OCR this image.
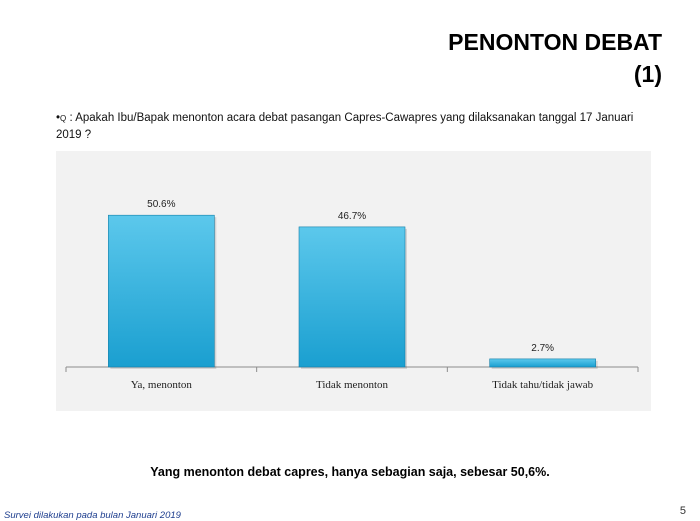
PENONTON DEBAT
(1)
•Q : Apakah Ibu/Bapak menonton acara debat pasangan Capres-Cawapres yang dilaksanakan tanggal 17 Januari 2019 ?
50.6%
Ya, menonton
46.7%
Tidak menonton
2.7%
Tidak tahu/tidak jawab
Yang menonton debat capres, hanya sebagian saja, sebesar 50,6%.
Survei dilakukan pada bulan Januari 2019	5
